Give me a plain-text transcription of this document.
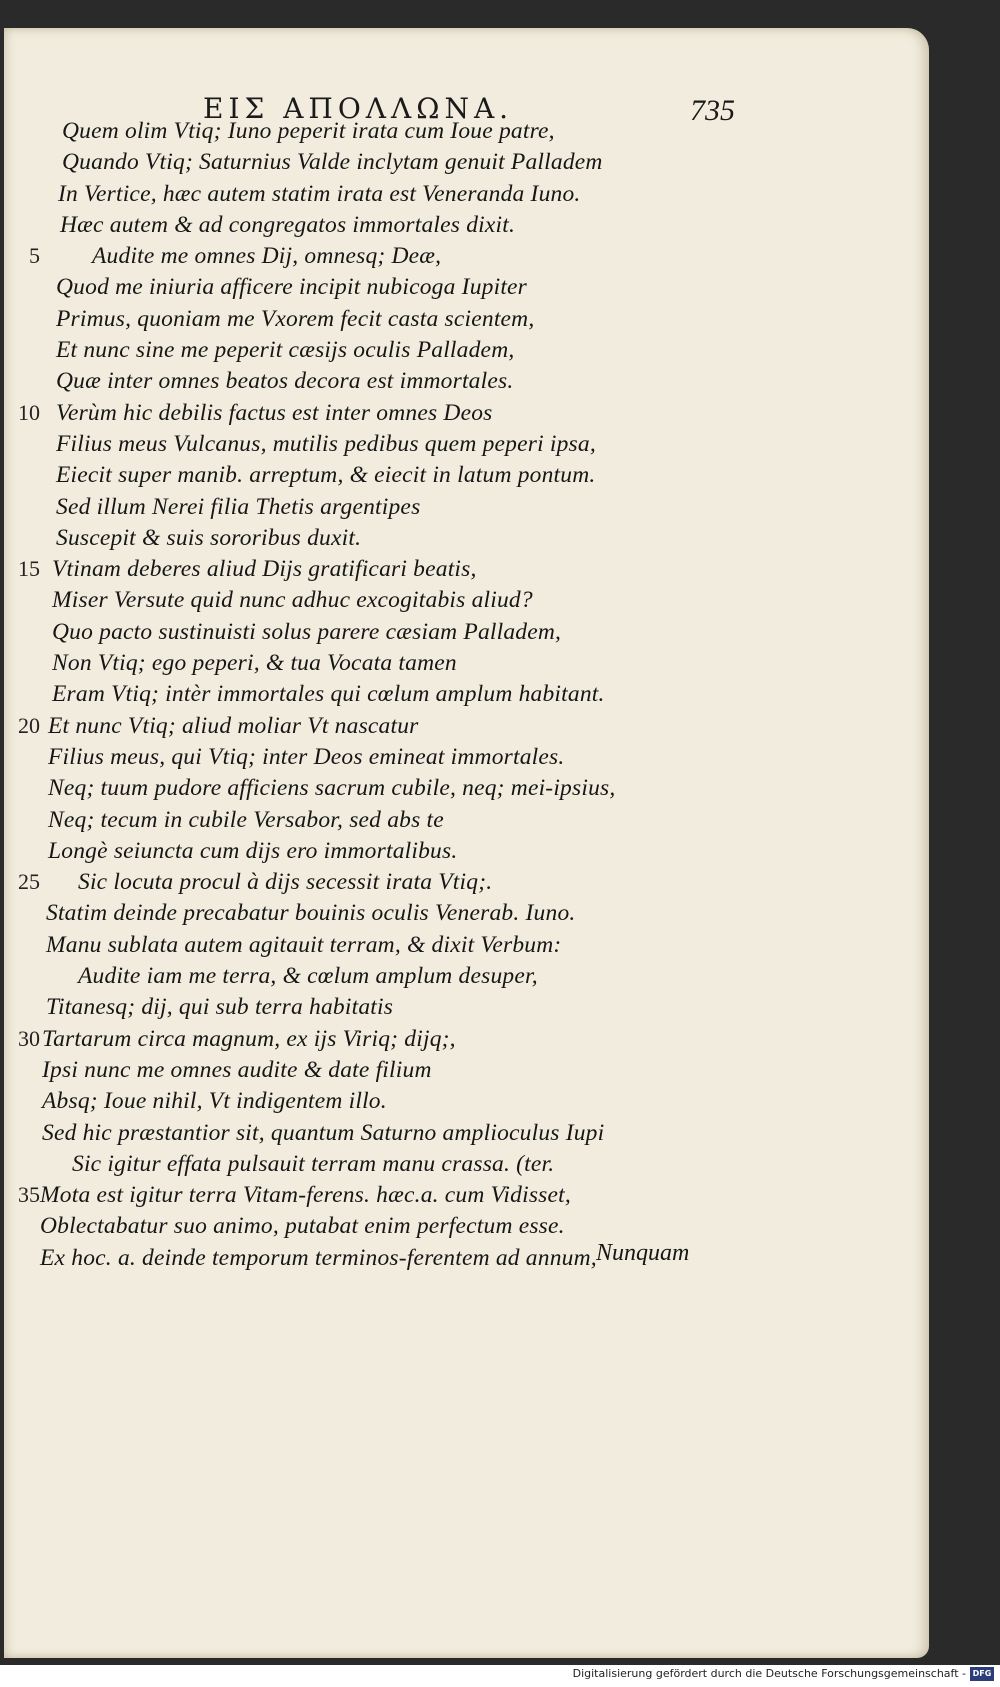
ΕΙΣ ΑΠΟΛΛΩΝΑ.	735
Quem olim Vtiq; Iuno peperit irata cum Ioue patre,
Quando Vtiq; Saturnius Valde inclytam genuit Palladem
In Vertice, hæc autem statim irata est Veneranda Iuno.
Hæc autem & ad congregatos immortales dixit.
5 Audite me omnes Dij, omnesq; Deæ,
Quod me iniuria afficere incipit nubicoga Iupiter
Primus, quoniam me Vxorem fecit casta scientem,
Et nunc sine me peperit cæsijs oculis Palladem,
Quæ inter omnes beatos decora est immortales.
10 Verùm hic debilis factus est inter omnes Deos
Filius meus Vulcanus, mutilis pedibus quem peperi ipsa,
Eiecit super manib. arreptum, & eiecit in latum pontum.
Sed illum Nerei filia Thetis argentipes
Suscepit & suis sororibus duxit.
15 Vtinam deberes aliud Dijs gratificari beatis,
Miser Versute quid nunc adhuc excogitabis aliud?
Quo pacto sustinuisti solus parere cæsiam Palladem,
Non Vtiq; ego peperi, & tua Vocata tamen
Eram Vtiq; intèr immortales qui cœlum amplum habitant.
20 Et nunc Vtiq; aliud moliar Vt nascatur
Filius meus, qui Vtiq; inter Deos emineat immortales.
Neq; tuum pudore afficiens sacrum cubile, neq; mei-ipsius,
Neq; tecum in cubile Versabor, sed abs te
Longè seiuncta cum dijs ero immortalibus.
25 Sic locuta procul à dijs secessit irata Vtiq;.
Statim deinde precabatur bouinis oculis Venerab. Iuno.
Manu sublata autem agitauit terram, & dixit Verbum:
Audite iam me terra, & cœlum amplum desuper,
Titanesq; dij, qui sub terra habitatis
30 Tartarum circa magnum, ex ijs Viriq; dijq;,
Ipsi nunc me omnes audite & date filium
Absq; Ioue nihil, Vt indigentem illo.
Sed hic præstantior sit, quantum Saturno amplioculus Iupi
Sic igitur effata pulsauit terram manu crassa. (ter.
35 Mota est igitur terra Vitam-ferens. hæc.a. cum Vidisset,
Oblectabatur suo animo, putabat enim perfectum esse.
Ex hoc. a. deinde temporum terminos-ferentem ad annum, Nunquam
Digitalisierung gefördert durch die Deutsche Forschungsgemeinschaft - DFG
